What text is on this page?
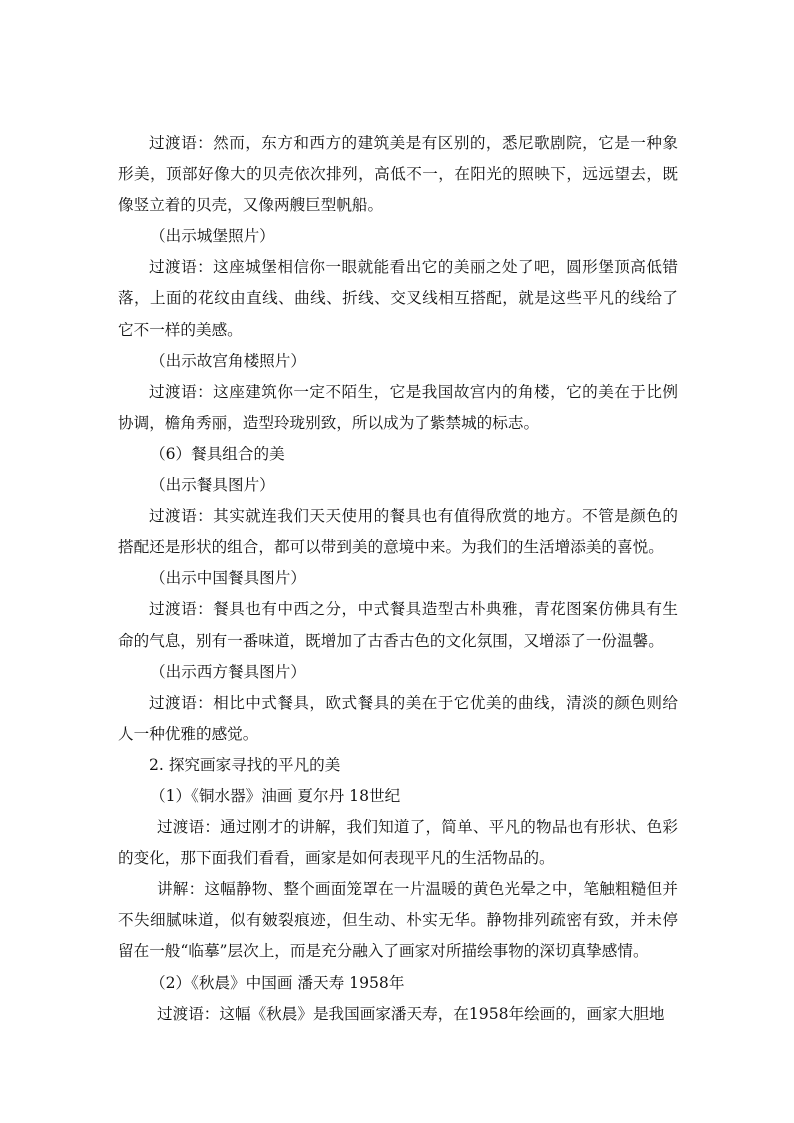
过渡语：然而，东方和西方的建筑美是有区别的，悉尼歌剧院，它是一种象形美，顶部好像大的贝壳依次排列，高低不一，在阳光的照映下，远远望去，既像竖立着的贝壳，又像两艘巨型帆船。

（出示城堡照片）

过渡语：这座城堡相信你一眼就能看出它的美丽之处了吧，圆形堡顶高低错落，上面的花纹由直线、曲线、折线、交叉线相互搭配，就是这些平凡的线给了它不一样的美感。

（出示故宫角楼照片）

过渡语：这座建筑你一定不陌生，它是我国故宫内的角楼，它的美在于比例协调，檐角秀丽，造型玲珑别致，所以成为了紫禁城的标志。

（6）餐具组合的美

（出示餐具图片）

过渡语：其实就连我们天天使用的餐具也有值得欣赏的地方。不管是颜色的搭配还是形状的组合，都可以带到美的意境中来。为我们的生活增添美的喜悦。

（出示中国餐具图片）

过渡语：餐具也有中西之分，中式餐具造型古朴典雅，青花图案仿佛具有生命的气息，别有一番味道，既增加了古香古色的文化氛围，又增添了一份温馨。

（出示西方餐具图片）

过渡语：相比中式餐具，欧式餐具的美在于它优美的曲线，清淡的颜色则给人一种优雅的感觉。

2. 探究画家寻找的平凡的美

（1）《铜水器》油画 夏尔丹 18世纪

过渡语：通过刚才的讲解，我们知道了，简单、平凡的物品也有形状、色彩的变化，那下面我们看看，画家是如何表现平凡的生活物品的。

讲解：这幅静物、整个画面笼罩在一片温暖的黄色光晕之中，笔触粗糙但并不失细腻味道，似有皴裂痕迹，但生动、朴实无华。静物排列疏密有致，并未停留在一般“临摹”层次上，而是充分融入了画家对所描绘事物的深切真挚感情。

（2）《秋晨》中国画 潘天寿 1958年

过渡语：这幅《秋晨》是我国画家潘天寿，在1958年绘画的，画家大胆地
